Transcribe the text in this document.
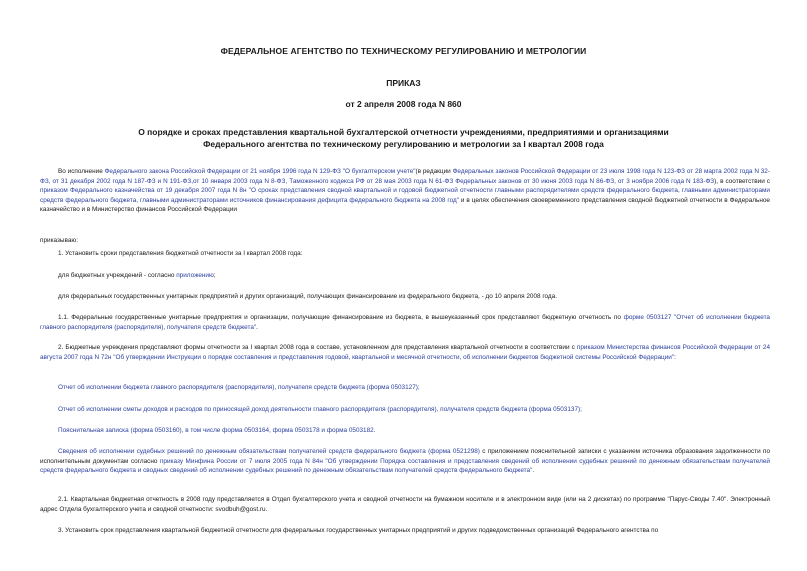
ФЕДЕРАЛЬНОЕ АГЕНТСТВО ПО ТЕХНИЧЕСКОМУ РЕГУЛИРОВАНИЮ И МЕТРОЛОГИИ
ПРИКАЗ
от 2 апреля 2008 года N 860
О порядке и сроках представления квартальной бухгалтерской отчетности учреждениями, предприятиями и организациями
Федерального агентства по техническому регулированию и метрологии за I квартал 2008 года
Во исполнение Федерального закона Российской Федерации от 21 ноября 1996 года N 129-ФЗ "О бухгалтерском учете"(в редакции Федеральных законов Российской Федерации от 23 июля 1998 года N 123-ФЗ от 28 марта 2002 года N 32-ФЗ, от 31 декабря 2002 года N 187-ФЗ и N 191-ФЗ,от 10 января 2003 года N 8-ФЗ, Таможенного кодекса РФ от 28 мая 2003 года N 61-ФЗ Федеральных законов от 30 июня 2003 года N 86-ФЗ, от 3 ноября 2006 года N 183-ФЗ), в соответствии с приказом Федерального казначейства от 19 декабря 2007 года N 8н "О сроках представления сводной квартальной и годовой бюджетной отчетности главными распорядителями средств федерального бюджета, главными администраторами средств федерального бюджета, главными администраторами источников финансирования дефицита федерального бюджета на 2008 год" и в целях обеспечения своевременного представления сводной бюджетной отчетности в Федеральное казначейство и в Министерство финансов Российской Федерации
приказываю:
1. Установить сроки представления бюджетной отчетности за I квартал 2008 года:
для бюджетных учреждений - согласно приложению;
для федеральных государственных унитарных предприятий и других организаций, получающих финансирование из федерального бюджета, - до 10 апреля 2008 года.
1.1. Федеральные государственные унитарные предприятия и организации, получающие финансирование из бюджета, в вышеуказанный срок представляют бюджетную отчетность по форме 0503127 "Отчет об исполнении бюджета главного распорядителя (распорядителя), получателя средств бюджета".
2. Бюджетные учреждения представляют формы отчетности за I квартал 2008 года в составе, установленном для представления квартальной отчетности в соответствии с приказом Министерства финансов Российской Федерации от 24 августа 2007 года N 72н "Об утверждении Инструкции о порядке составления и представления годовой, квартальной и месячной отчетности, об исполнении бюджетов бюджетной системы Российской Федерации":
Отчет об исполнении бюджета главного распорядителя (распорядителя), получателя средств бюджета (форма 0503127);
Отчет об исполнении сметы доходов и расходов по приносящей доход деятельности главного распорядителя (распорядителя), получателя средств бюджета (форма 0503137);
Пояснительная записка (форма 0503160), в том числе форма 0503164, форма 0503178 и форма 0503182.
Сведения об исполнении судебных решений по денежным обязательствам получателей средств федерального бюджета (форма 0521298) с приложением пояснительной записки с указанием источника образования задолженности по исполнительным документам согласно приказу Минфина России от 7 июля 2005 года N 84н "Об утверждении Порядка составления и представления сведений об исполнении судебных решений по денежным обязательствам получателей средств федерального бюджета и сводных сведений об исполнении судебных решений по денежным обязательствам получателей средств федерального бюджета".
2.1. Квартальная бюджетная отчетность в 2008 году представляется в Отдел бухгалтерского учета и сводной отчетности на бумажном носителе и в электронном виде (или на 2 дискетах) по программе "Парус-Своды 7.40". Электронный адрес Отдела бухгалтерского учета и сводной отчетности: svodbuh@gost.ru.
3. Установить срок представления квартальной бюджетной отчетности для федеральных государственных унитарных предприятий и других подведомственных организаций Федерального агентства по
